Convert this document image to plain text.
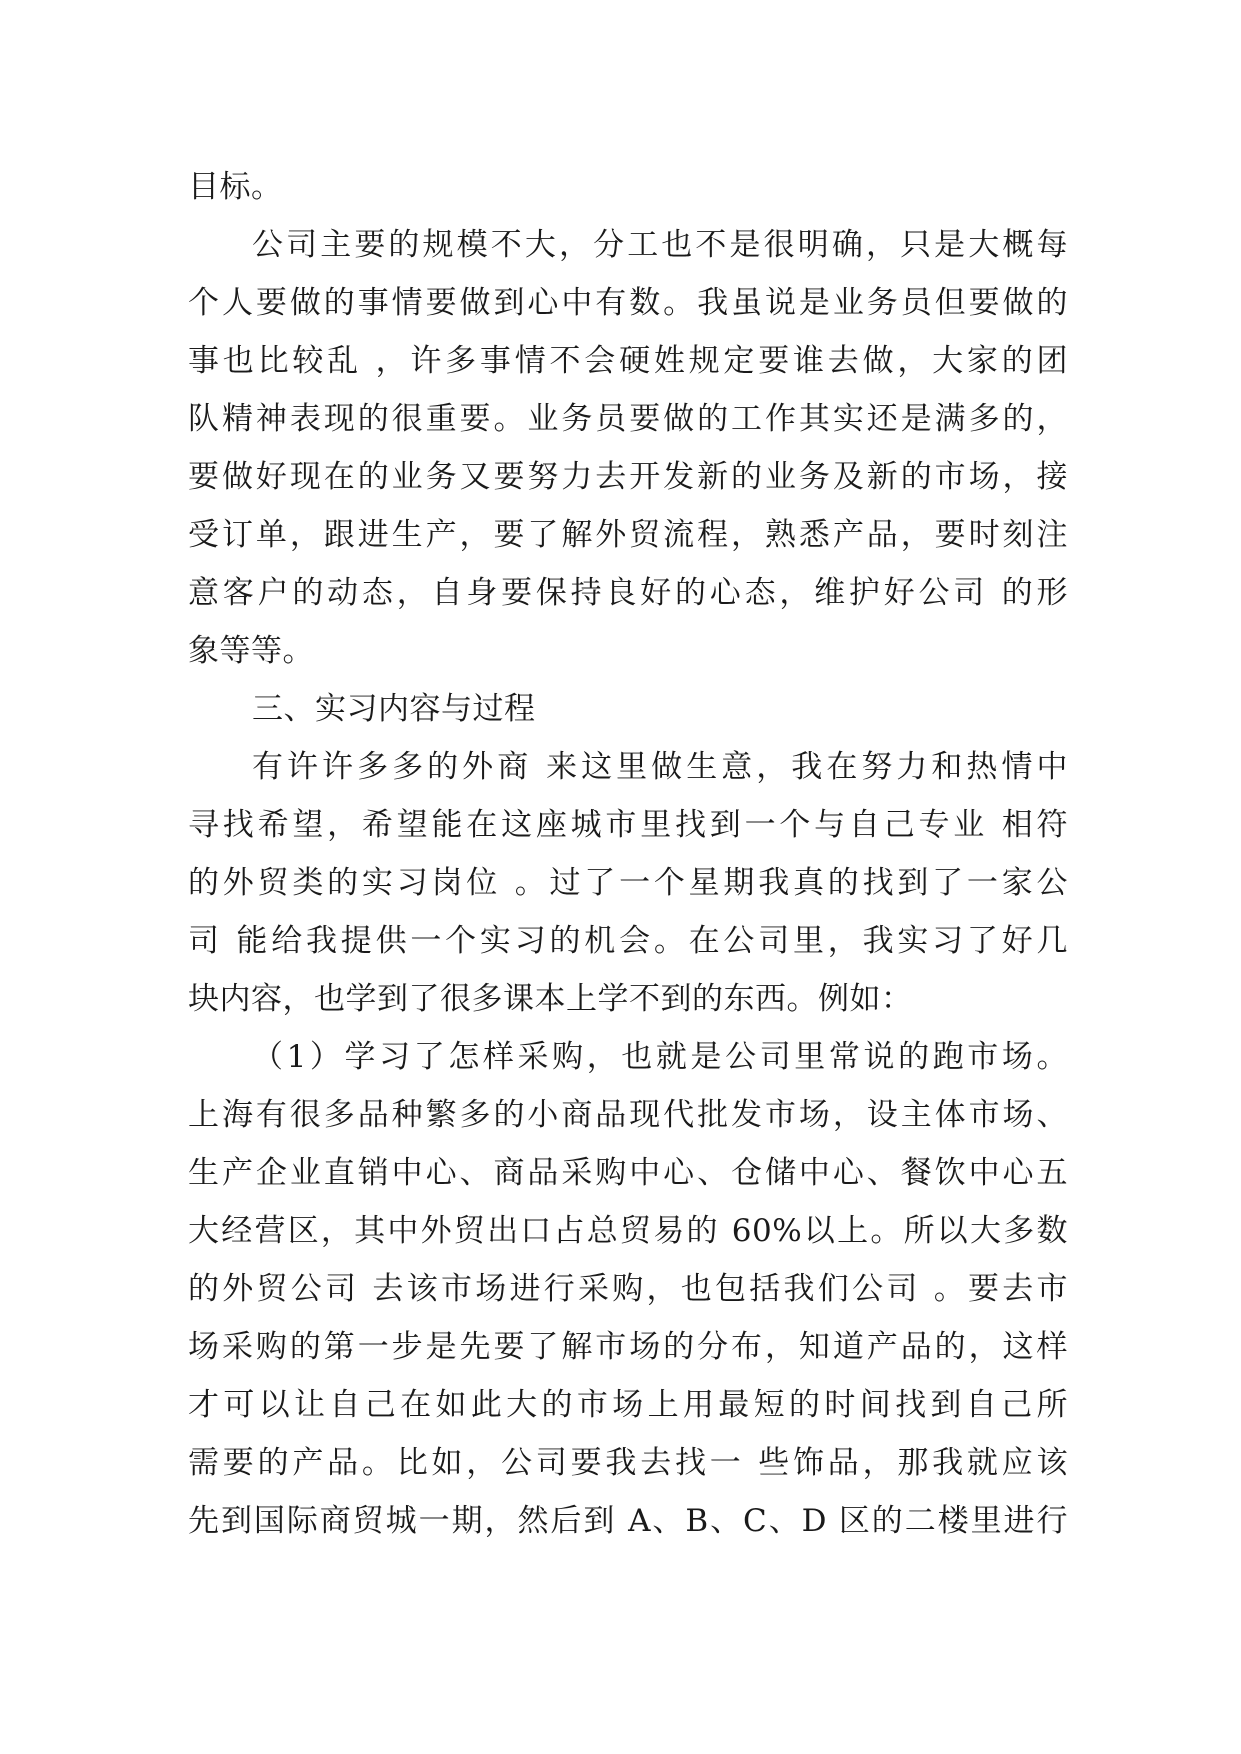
目标。
公司主要的规模不大，分工也不是很明确，只是大概每
个人要做的事情要做到心中有数。我虽说是业务员但要做的
事也比较乱 ，许多事情不会硬姓规定要谁去做，大家的团
队精神表现的很重要。业务员要做的工作其实还是满多的，
要做好现在的业务又要努力去开发新的业务及新的市场，接
受订单，跟进生产，要了解外贸流程，熟悉产品，要时刻注
意客户的动态，自身要保持良好的心态，维护好公司 的形
象等等。
三、实习内容与过程
有许许多多的外商 来这里做生意，我在努力和热情中
寻找希望，希望能在这座城市里找到一个与自己专业 相符
的外贸类的实习岗位 。过了一个星期我真的找到了一家公
司 能给我提供一个实习的机会。在公司里，我实习了好几
块内容，也学到了很多课本上学不到的东西。例如：
（1）学习了怎样采购，也就是公司里常说的跑市场。
上海有很多品种繁多的小商品现代批发市场，设主体市场、
生产企业直销中心、商品采购中心、仓储中心、餐饮中心五
大经营区，其中外贸出口占总贸易的 60%以上。所以大多数
的外贸公司 去该市场进行采购，也包括我们公司 。要去市
场采购的第一步是先要了解市场的分布，知道产品的，这样
才可以让自己在如此大的市场上用最短的时间找到自己所
需要的产品。比如，公司要我去找一 些饰品，那我就应该
先到国际商贸城一期，然后到 A、B、C、D 区的二楼里进行
